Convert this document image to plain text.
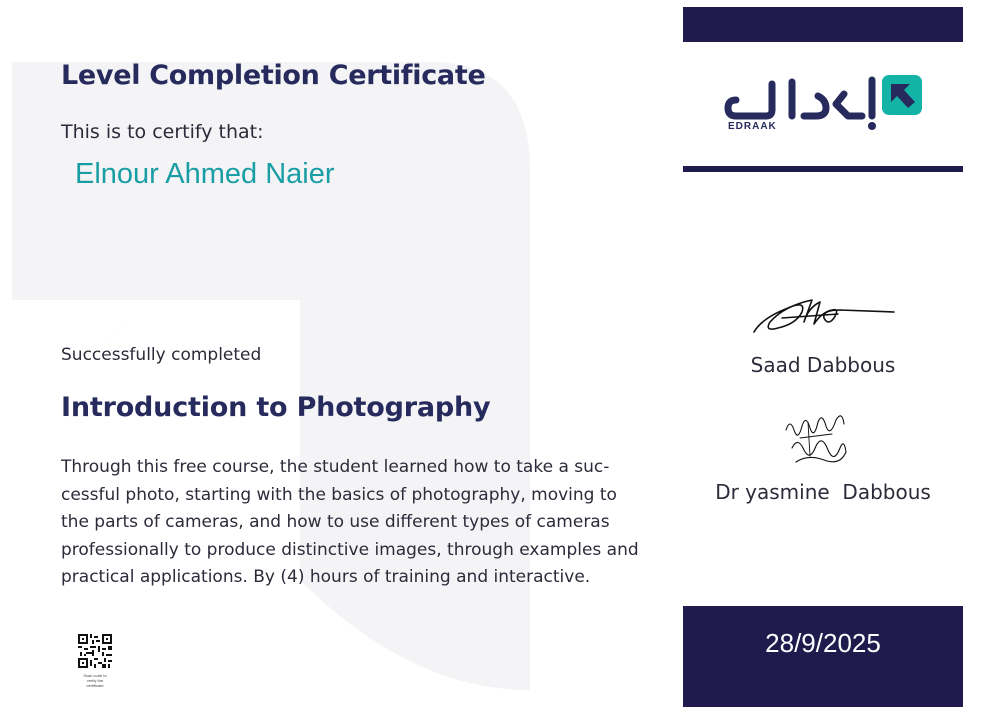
Level Completion Certificate
This is to certify that:
Elnour Ahmed Naier
Successfully completed
Introduction to Photography
Through this free course, the student learned how to take a suc-
cessful photo, starting with the basics of photography, moving to
the parts of cameras, and how to use different types of cameras
professionally to produce distinctive images, through examples and
practical applications. By (4) hours of training and interactive.
Scan code to
verify the
certificate
EDRAAK
Saad Dabbous
Dr yasmine  Dabbous
28/9/2025
